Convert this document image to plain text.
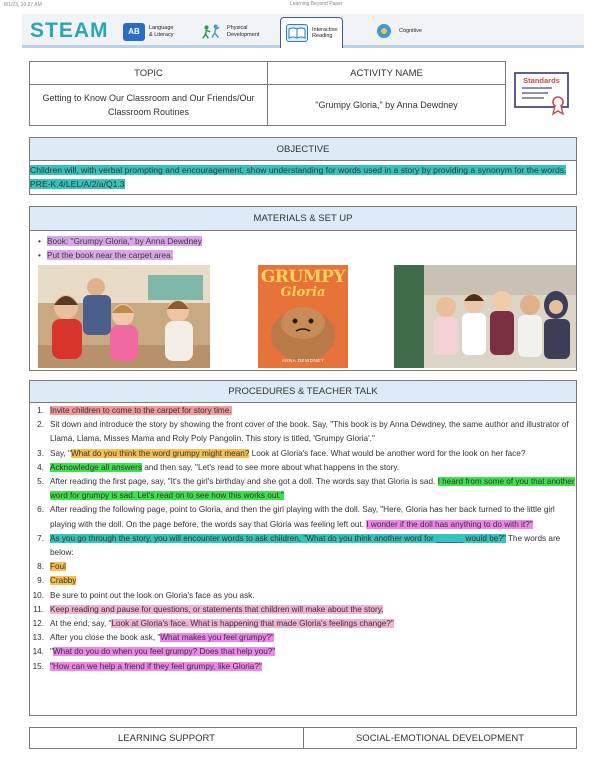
8/1/23, 10:27 AM	Learning Beyond Paper
STEAM	AB	Language
& Literacy
Physical
Development
Interactive
Reading
Cognitive
TOPIC	ACTIVITY NAME
Getting to Know Our Classroom and Our Friends/Our Classroom Routines
"Grumpy Gloria," by Anna Dewdney
Standards
OBJECTIVE
Children will, with verbal prompting and encouragement, show understanding for words used in a story by providing a synonym for the words. PRE-K.4/LEL/A/2/a/Q1.3
MATERIALS & SET UP
• Book: "Grumpy Gloria," by Anna Dewdney
• Put the book near the carpet area.
GRUMPY
Gloria
ANNA DEWDNEY
PROCEDURES & TEACHER TALK
1. Invite children to come to the carpet for story time.
2. Sit down and introduce the story by showing the front cover of the book. Say, "This book is by Anna Dewdney, the same author and illustrator of Llama, Llama, Misses Mama and Roly Poly Pangolin. This story is titled, 'Grumpy Gloria'."
3. Say, "What do you think the word grumpy might mean? Look at Gloria's face. What would be another word for the look on her face?
4. Acknowledge all answers and then say, "Let's read to see more about what happens in the story.
5. After reading the first page, say, "It's the girl's birthday and she got a doll. The words say that Gloria is sad. I heard from some of you that another word for grumpy is sad. Let's read on to see how this works out."
6. After reading the following page, point to Gloria, and then the girl playing with the doll. Say, "Here, Gloria has her back turned to the little girl playing with the doll. On the page before, the words say that Gloria was feeling left out. I wonder if the doll has anything to do with it?"
7. As you go through the story, you will encounter words to ask children, "What do you think another word for ______ would be?" The words are below:
8. Foul
9. Crabby
10. Be sure to point out the look on Gloria's face as you ask.
11. Keep reading and pause for questions, or statements that children will make about the story.
12. At the end, say, "Look at Gloria's face. What is happening that made Gloria's feelings change?"
13. After you close the book ask, "What makes you feel grumpy?"
14. "What do you do when you feel grumpy? Does that help you?"
15. "How can we help a friend if they feel grumpy, like Gloria?"
LEARNING SUPPORT	SOCIAL-EMOTIONAL DEVELOPMENT
